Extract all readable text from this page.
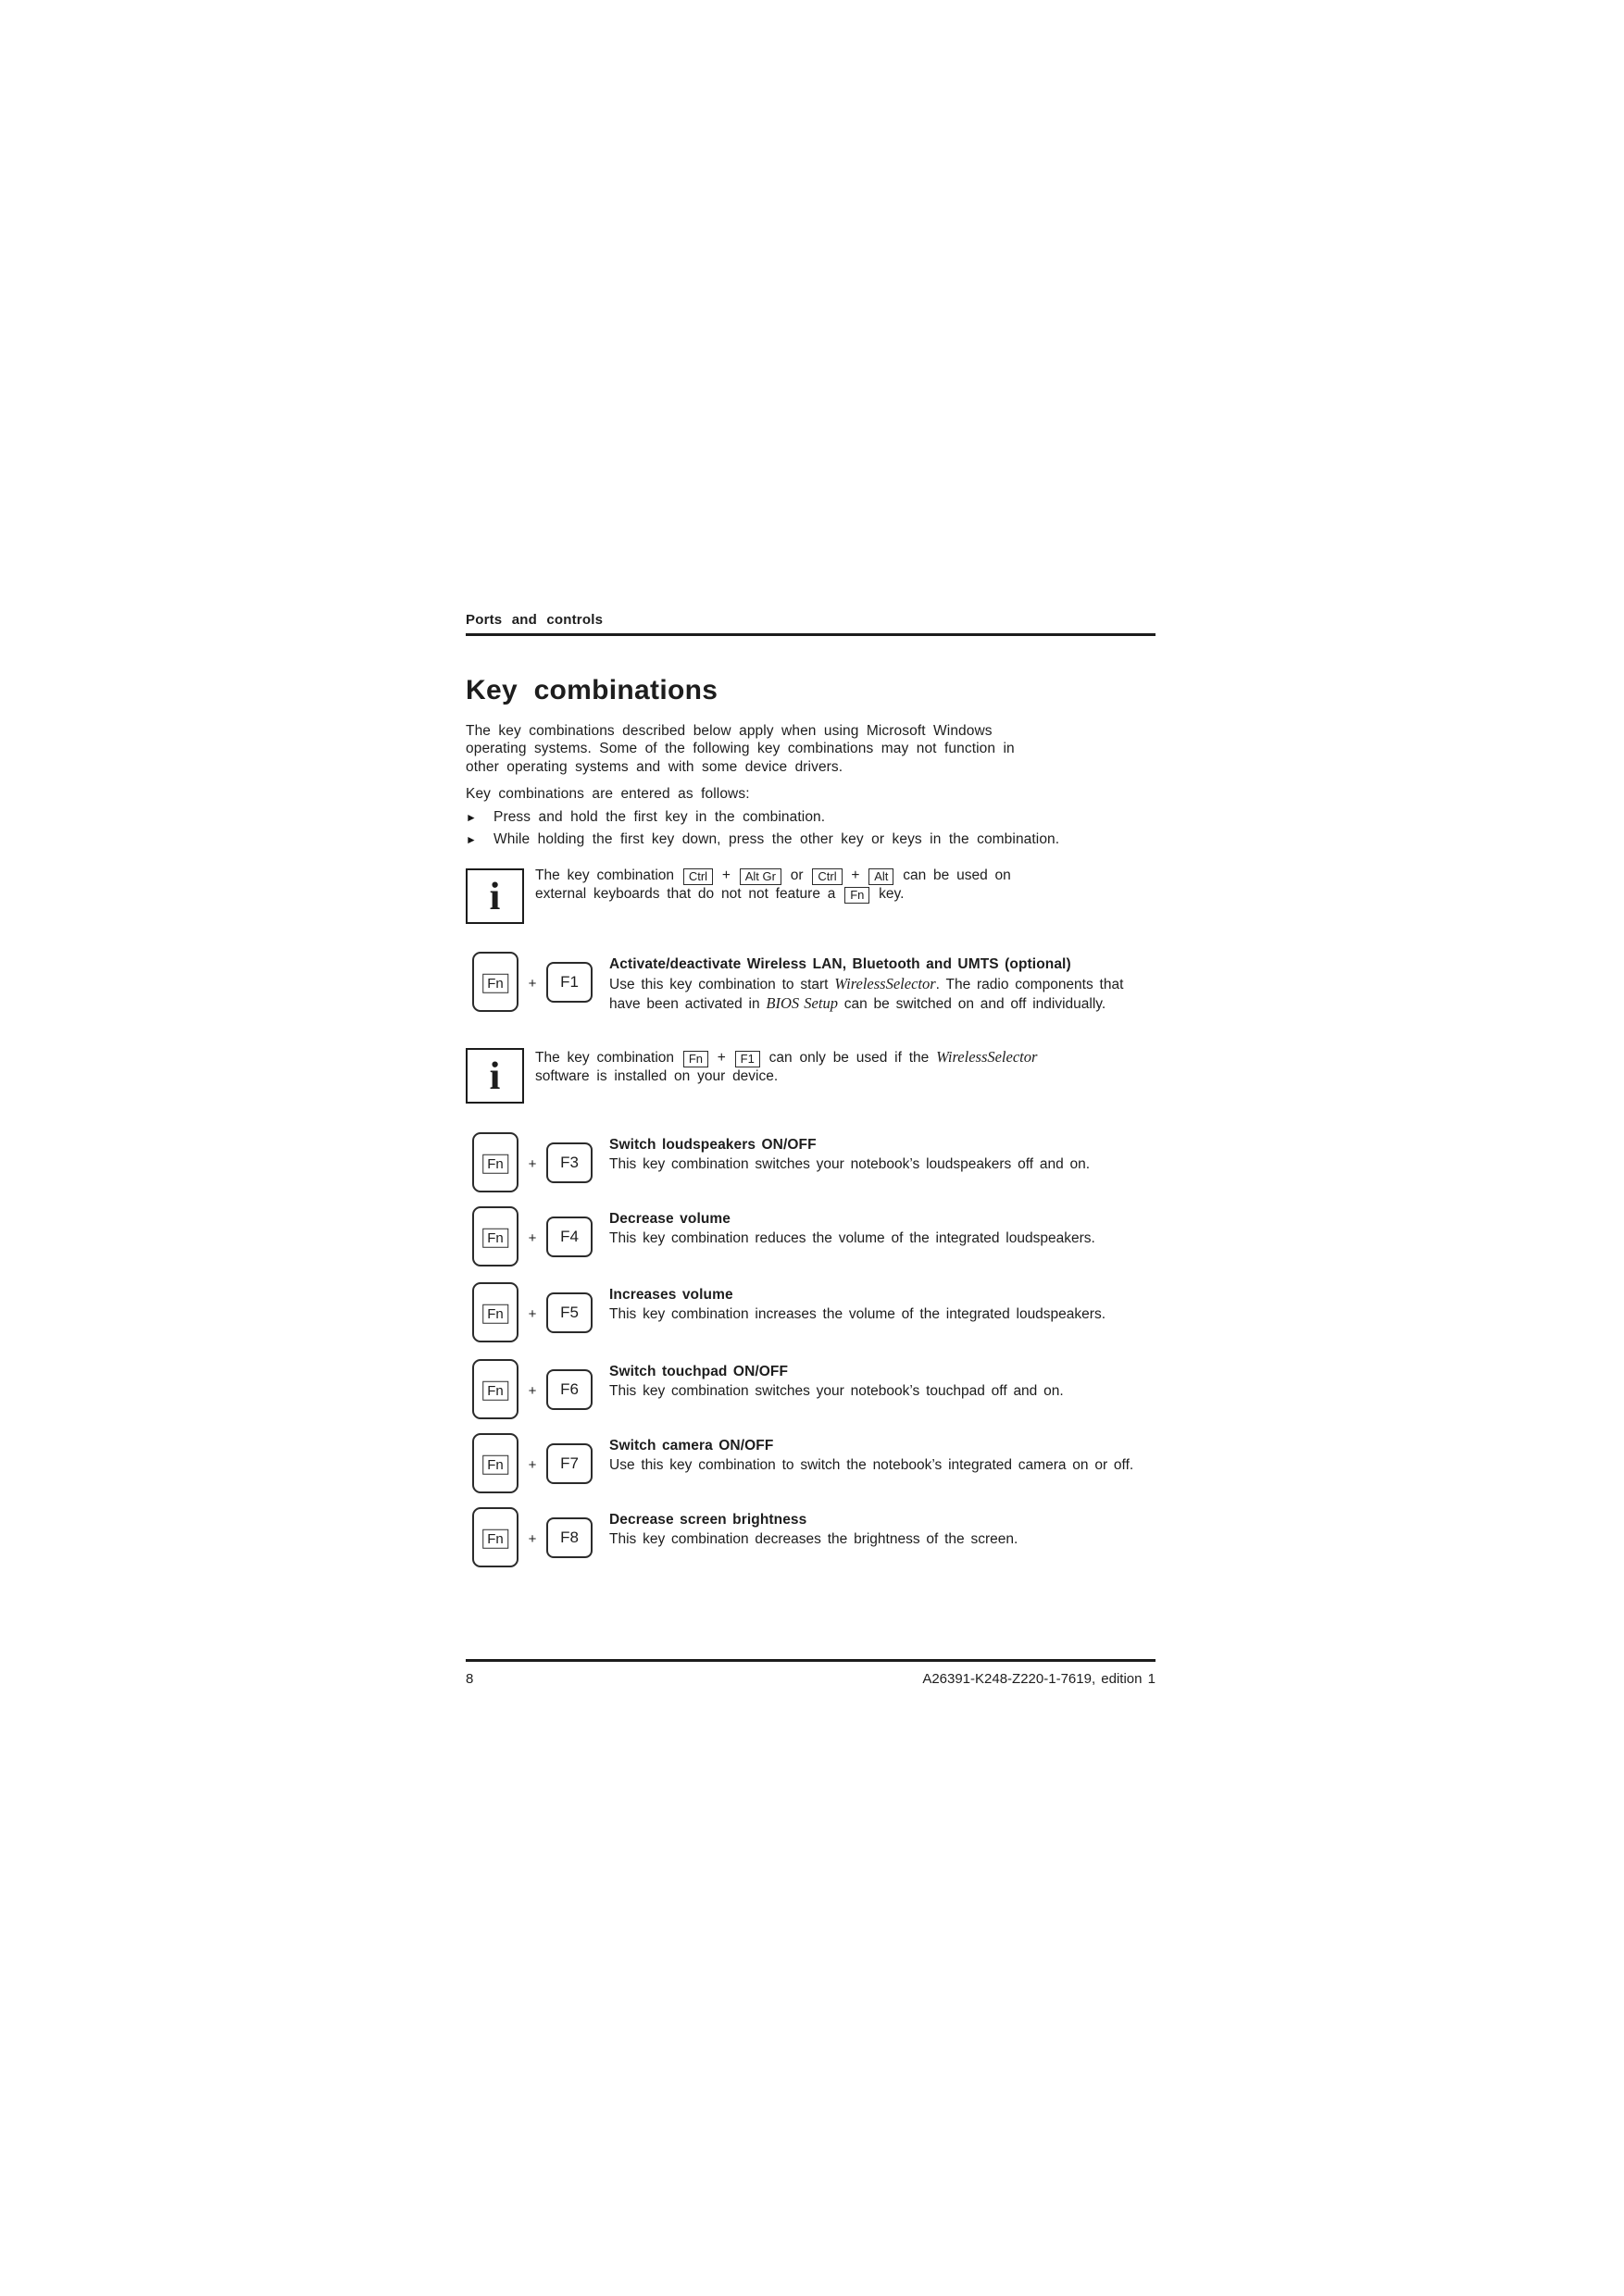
Ports and controls
Key combinations
The key combinations described below apply when using Microsoft Windows
operating systems. Some of the following key combinations may not function in
other operating systems and with some device drivers.
Key combinations are entered as follows:
►	Press and hold the first key in the combination.
►	While holding the first key down, press the other key or keys in the combination.
i
The key combination Ctrl + Alt Gr or Ctrl + Alt can be used on
external keyboards that do not not feature a Fn key.
Fn	+ F1
Activate/deactivate Wireless LAN, Bluetooth and UMTS (optional)
Use this key combination to start WirelessSelector. The radio components that
have been activated in BIOS Setup can be switched on and off individually.
i The key combination Fn + F1 can only be used if the WirelessSelector
software is installed on your device.
Fn	+ F3
Switch loudspeakers ON/OFF
This key combination switches your notebook’s loudspeakers off and on.
Fn	+ F4
Decrease volume
This key combination reduces the volume of the integrated loudspeakers.
Fn	+ F5
Increases volume
This key combination increases the volume of the integrated loudspeakers.
Fn	+ F6
Switch touchpad ON/OFF
This key combination switches your notebook’s touchpad off and on.
Fn	+ F7
Switch camera ON/OFF
Use this key combination to switch the notebook’s integrated camera on or off.
Fn	+ F8
Decrease screen brightness
This key combination decreases the brightness of the screen.
8	A26391-K248-Z220-1-7619, edition 1
